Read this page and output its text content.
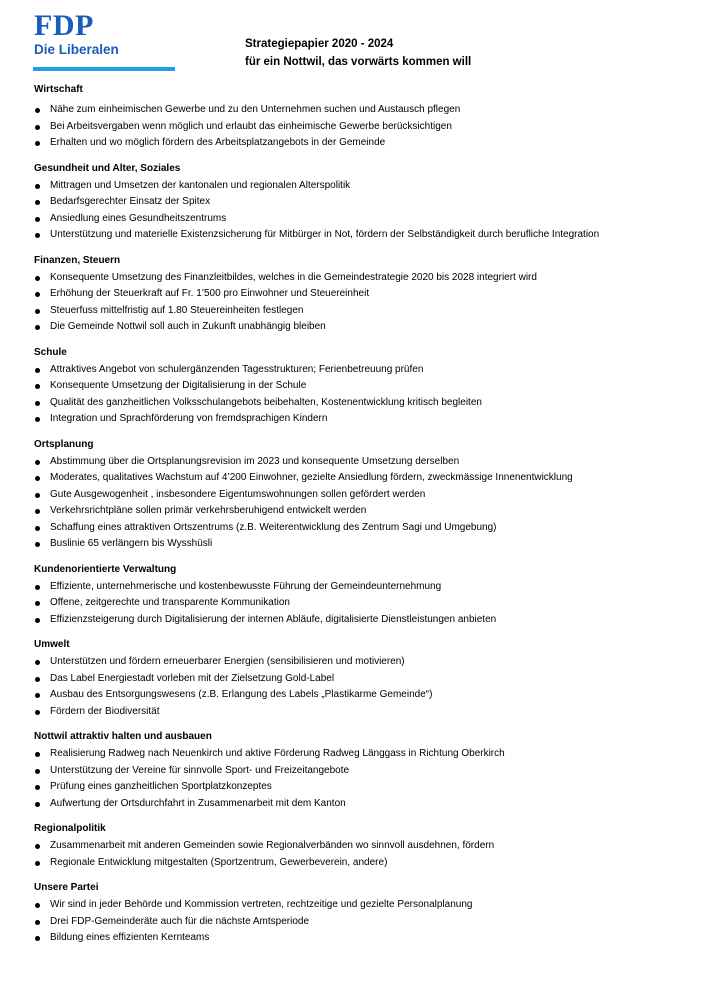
FDP
Die Liberalen	Strategiepapier 2020 - 2024
für ein Nottwil, das vorwärts kommen will
Wirtschaft
Nähe zum einheimischen Gewerbe und zu den Unternehmen suchen und Austausch pflegen
Bei Arbeitsvergaben wenn möglich und erlaubt das einheimische Gewerbe berücksichtigen
Erhalten und wo möglich fördern des Arbeitsplatzangebots in der Gemeinde
Gesundheit und Alter, Soziales
Mittragen und Umsetzen der kantonalen und regionalen Alterspolitik
Bedarfsgerechter Einsatz der Spitex
Ansiedlung eines Gesundheitszentrums
Unterstützung und materielle Existenzsicherung für Mitbürger in Not, fördern der Selbständigkeit durch berufliche Integration
Finanzen, Steuern
Konsequente Umsetzung des Finanzleitbildes, welches in die Gemeindestrategie 2020 bis 2028 integriert wird
Erhöhung der Steuerkraft auf Fr. 1’500 pro Einwohner und Steuereinheit
Steuerfuss mittelfristig auf 1.80 Steuereinheiten festlegen
Die Gemeinde Nottwil soll auch in Zukunft unabhängig bleiben
Schule
Attraktives Angebot von schulergänzenden Tagesstrukturen; Ferienbetreuung prüfen
Konsequente Umsetzung der Digitalisierung in der Schule
Qualität des ganzheitlichen Volksschulangebots beibehalten, Kostenentwicklung kritisch begleiten
Integration und Sprachförderung von fremdsprachigen Kindern
Ortsplanung
Abstimmung über die Ortsplanungsrevision im 2023 und konsequente Umsetzung derselben
Moderates, qualitatives Wachstum auf 4’200 Einwohner, gezielte Ansiedlung fördern, zweckmässige Innenentwicklung
Gute Ausgewogenheit , insbesondere Eigentumswohnungen sollen gefördert werden
Verkehrsrichtpläne sollen primär verkehrsberuhigend entwickelt werden
Schaffung eines attraktiven Ortszentrums (z.B. Weiterentwicklung des Zentrum Sagi und Umgebung)
Buslinie 65 verlängern bis Wysshüsli
Kundenorientierte Verwaltung
Effiziente, unternehmerische und kostenbewusste Führung der Gemeindeunternehmung
Offene, zeitgerechte und transparente Kommunikation
Effizienzsteigerung durch Digitalisierung der internen Abläufe, digitalisierte Dienstleistungen anbieten
Umwelt
Unterstützen und fördern erneuerbarer Energien (sensibilisieren und motivieren)
Das Label Energiestadt vorleben mit der Zielsetzung Gold-Label
Ausbau des Entsorgungswesens (z.B. Erlangung des Labels „Plastikarme Gemeinde“)
Fördern der Biodiversität
Nottwil attraktiv halten und ausbauen
Realisierung Radweg nach Neuenkirch und aktive Förderung Radweg Länggass in Richtung Oberkirch
Unterstützung der Vereine für sinnvolle Sport- und Freizeitangebote
Prüfung eines ganzheitlichen Sportplatzkonzeptes
Aufwertung der Ortsdurchfahrt in Zusammenarbeit mit dem Kanton
Regionalpolitik
Zusammenarbeit mit anderen Gemeinden sowie Regionalverbänden wo sinnvoll ausdehnen, fördern
Regionale Entwicklung mitgestalten (Sportzentrum, Gewerbeverein, andere)
Unsere Partei
Wir sind in jeder Behörde und Kommission vertreten, rechtzeitige und gezielte Personalplanung
Drei FDP-Gemeinderäte auch für die nächste Amtsperiode
Bildung eines effizienten Kernteams
